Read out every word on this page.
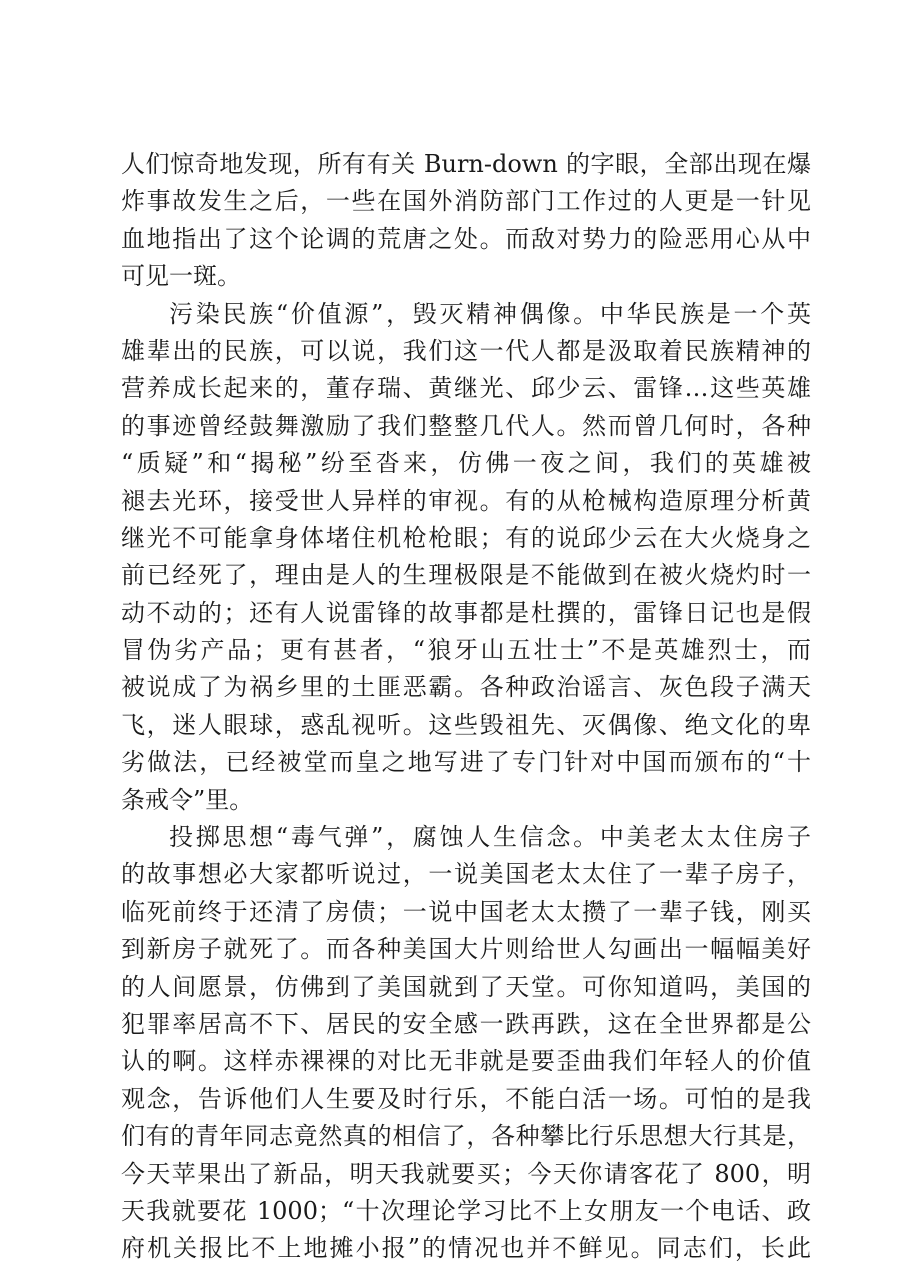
人们惊奇地发现，所有有关 Burn-down 的字眼，全部出现在爆
炸事故发生之后，一些在国外消防部门工作过的人更是一针见
血地指出了这个论调的荒唐之处。而敌对势力的险恶用心从中
可见一斑。
污染民族“价值源”，毁灭精神偶像。中华民族是一个英
雄辈出的民族，可以说，我们这一代人都是汲取着民族精神的
营养成长起来的，董存瑞、黄继光、邱少云、雷锋…这些英雄
的事迹曾经鼓舞激励了我们整整几代人。然而曾几何时，各种
“质疑”和“揭秘”纷至沓来，仿佛一夜之间，我们的英雄被
褪去光环，接受世人异样的审视。有的从枪械构造原理分析黄
继光不可能拿身体堵住机枪枪眼；有的说邱少云在大火烧身之
前已经死了，理由是人的生理极限是不能做到在被火烧灼时一
动不动的；还有人说雷锋的故事都是杜撰的，雷锋日记也是假
冒伪劣产品；更有甚者，“狼牙山五壮士”不是英雄烈士，而
被说成了为祸乡里的土匪恶霸。各种政治谣言、灰色段子满天
飞，迷人眼球，惑乱视听。这些毁祖先、灭偶像、绝文化的卑
劣做法，已经被堂而皇之地写进了专门针对中国而颁布的“十
条戒令”里。
投掷思想“毒气弹”，腐蚀人生信念。中美老太太住房子
的故事想必大家都听说过，一说美国老太太住了一辈子房子，
临死前终于还清了房债；一说中国老太太攒了一辈子钱，刚买
到新房子就死了。而各种美国大片则给世人勾画出一幅幅美好
的人间愿景，仿佛到了美国就到了天堂。可你知道吗，美国的
犯罪率居高不下、居民的安全感一跌再跌，这在全世界都是公
认的啊。这样赤裸裸的对比无非就是要歪曲我们年轻人的价值
观念，告诉他们人生要及时行乐，不能白活一场。可怕的是我
们有的青年同志竟然真的相信了，各种攀比行乐思想大行其是，
今天苹果出了新品，明天我就要买；今天你请客花了 800，明
天我就要花 1000；“十次理论学习比不上女朋友一个电话、政
府机关报比不上地摊小报”的情况也并不鲜见。同志们，长此
